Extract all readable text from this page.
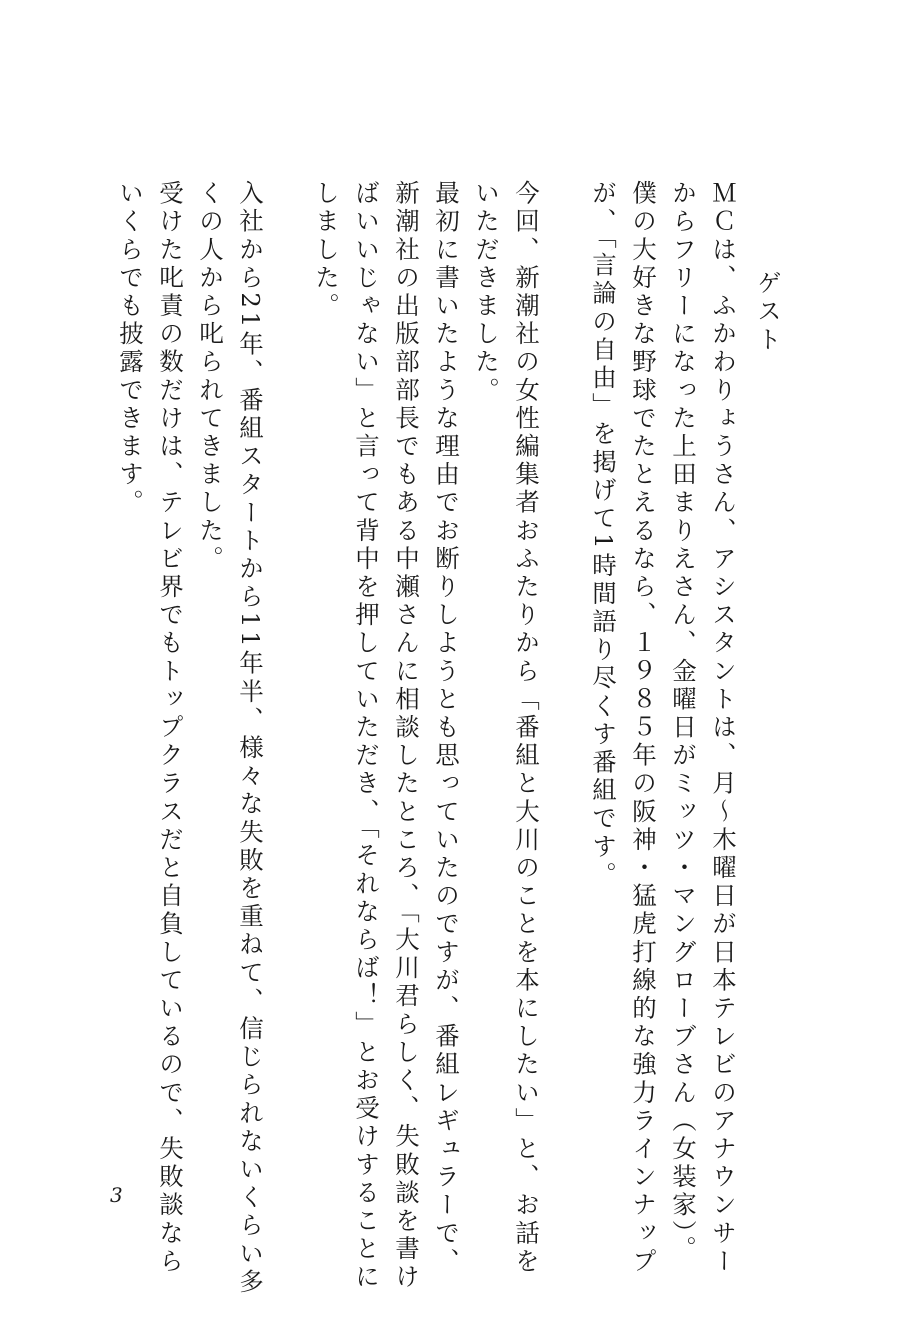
ゲスト

ＭＣは、ふかわりょうさん、アシスタントは、月～木曜日が日本テレビのアナウンサー

からフリーになった上田まりえさん、金曜日がミッツ・マングローブさん（女装家）。

僕の大好きな野球でたとえるなら、１９８５年の阪神・猛虎打線的な強力ラインナップ

が、「言論の自由」を掲げて1時間語り尽くす番組です。

今回、新潮社の女性編集者おふたりから「番組と大川のことを本にしたい」と、お話を

いただきました。

最初に書いたような理由でお断りしようとも思っていたのですが、番組レギュラーで、

新潮社の出版部部長でもある中瀬さんに相談したところ、「大川君らしく、失敗談を書け

ばいいじゃない」と言って背中を押していただき、「それならば！」とお受けすることに

しました。

入社から21年、番組スタートから11年半、様々な失敗を重ねて、信じられないくらい多

くの人から叱られてきました。

受けた叱責の数だけは、テレビ界でもトップクラスだと自負しているので、失敗談なら

いくらでも披露できます。

3
